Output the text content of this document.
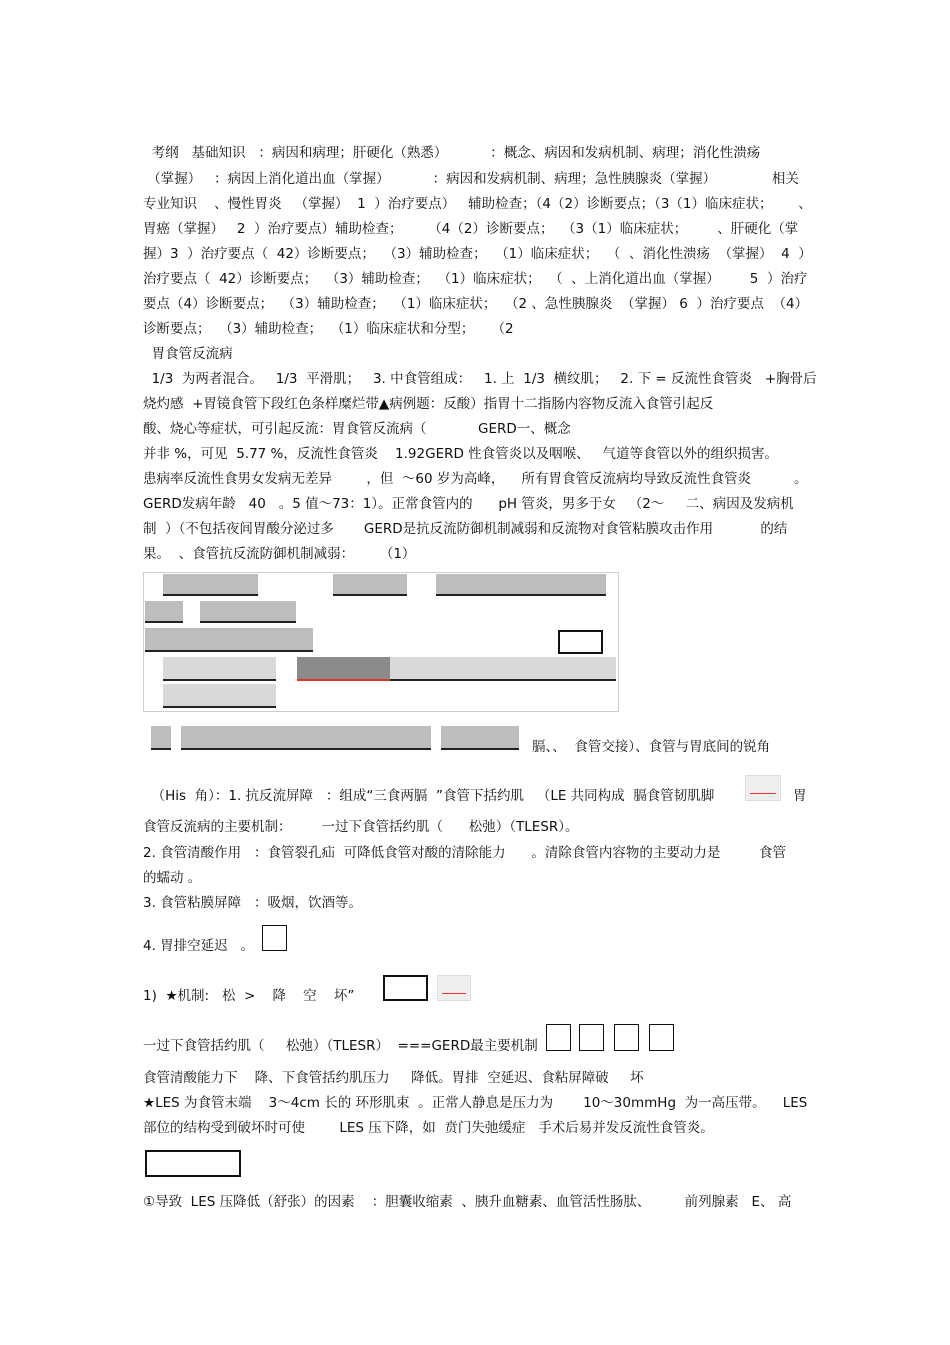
考纲   基础知识   ：病因和病理；肝硬化（熟悉）          ：概念、病因和发病机制、病理；消化性溃疡
（掌握）   ：病因上消化道出血（掌握）          ：病因和发病机制、病理；急性胰腺炎（掌握）             相关
专业知识    、慢性胃炎   （掌握）  1  ）治疗要点）   辅助检查；（4（2）诊断要点；（3（1）临床症状；      、
胃癌（掌握）   2  ）治疗要点）辅助检查；      （4（2）诊断要点；  （3（1）临床症状；       、肝硬化（掌
握）3  ）治疗要点（  42）诊断要点；  （3）辅助检查；  （1）临床症状；  （  、消化性溃疡  （掌握）  4  ）
治疗要点（  42）诊断要点；  （3）辅助检查；  （1）临床症状；  （  、上消化道出血（掌握）       5  ）治疗
要点（4）诊断要点；  （3）辅助检查；  （1）临床症状；  （2 、急性胰腺炎  （掌握） 6  ）治疗要点  （4）
诊断要点；  （3）辅助检查；  （1）临床症状和分型；    （2
胃食管反流病
1/3  为两者混合。   1/3  平滑肌；   3. 中食管组成：   1. 上  1/3  横纹肌；   2. 下 = 反流性食管炎   +胸骨后
烧灼感  +胃镜食管下段红色条样糜烂带▲病例题：反酸）指胃十二指肠内容物反流入食管引起反
酸、烧心等症状，可引起反流：胃食管反流病（            GERD一、概念
并非 %，可见  5.77 %，反流性食管炎    1.92GERD 性食管炎以及咽喉、   气道等食管以外的组织损害。
患病率反流性食男女发病无差异        ，但  ～60 岁为高峰，    所有胃食管反流病均导致反流性食管炎          。
GERD发病年龄   40   。5 值～73：1）。正常食管内的      pH 管炎，男多于女   （2～     二、病因及发病机
制  ）（不包括夜间胃酸分泌过多       GERD是抗反流防御机制减弱和反流物对食管粘膜攻击作用           的结
果。  、食管抗反流防御机制减弱：      （1）
膈、、  食管交接）、食管与胃底间的锐角
（His  角）：1. 抗反流屏障   ：组成“三食两膈  ”食管下括约肌   （LE 共同构成  膈食管韧肌脚	胃
食管反流病的主要机制：       一过下食管括约肌（      松弛）（TLESR）。
2. 食管清酸作用   ：食管裂孔疝  可降低食管对酸的清除能力      。清除食管内容物的主要动力是         食管
的蠕动 。
3. 食管粘膜屏障   ：吸烟，饮酒等。
4. 胃排空延迟   。
1)  ★机制:   松  >    降    空    坏”
一过下食管括约肌（     松弛）（TLESR）  ===GERD最主要机制
食管清酸能力下    降、下食管括约肌压力     降低。胃排  空延迟、食粘屏障破     坏
★LES 为食管末端    3～4cm 长的 环形肌束  。正常人静息是压力为       10～30mmHg  为一高压带。    LES
部位的结构受到破坏时可使        LES 压下降，如  贲门失弛缓症   手术后易并发反流性食管炎。
①导致  LES 压降低（舒张）的因素    ：胆囊收缩素  、胰升血糖素、血管活性肠肽、        前列腺素   E、 高
